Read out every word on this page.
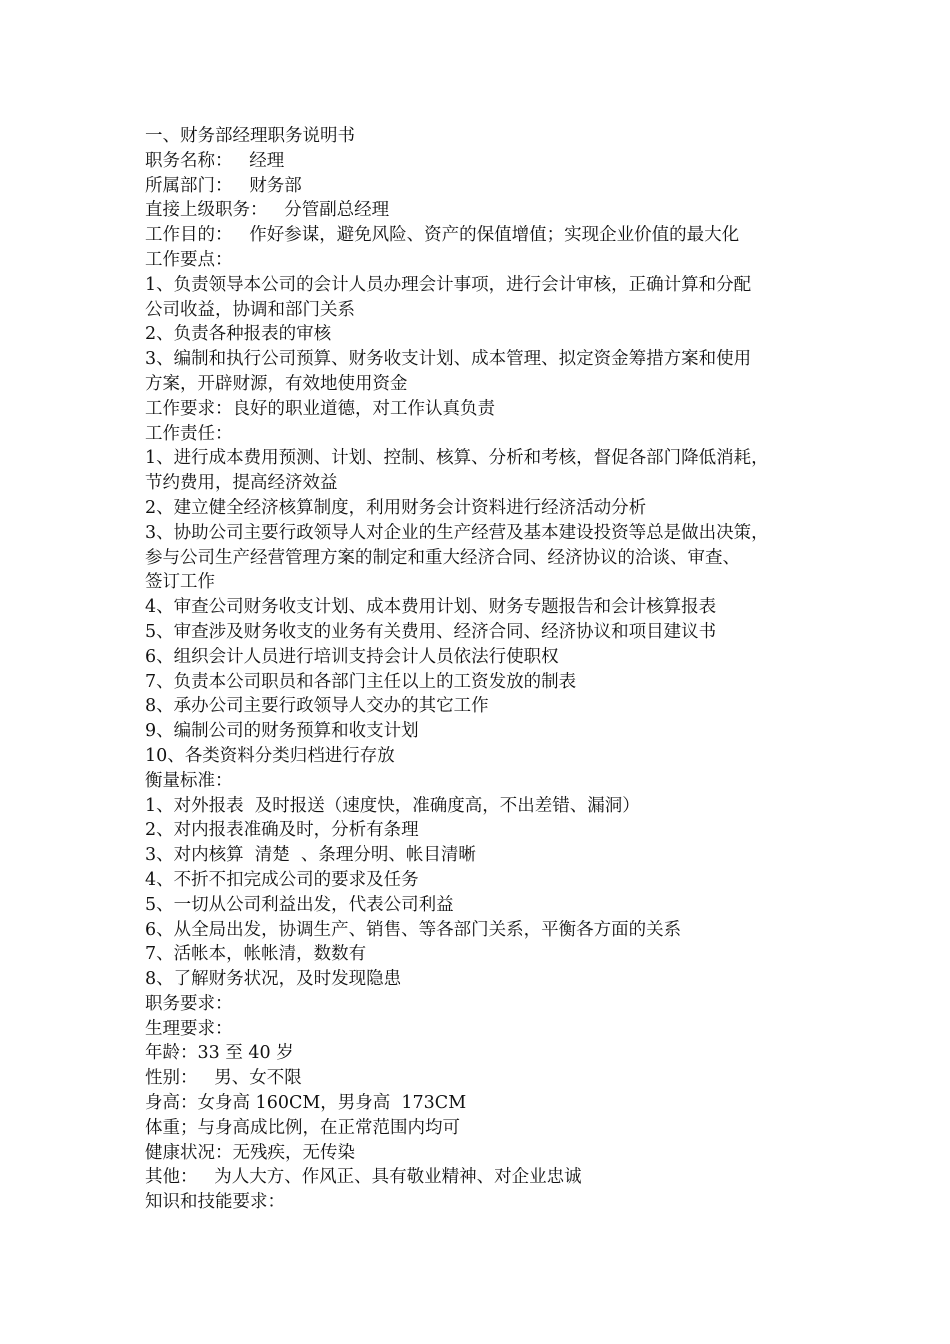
一、财务部经理职务说明书
职务名称：   经理
所属部门：   财务部
直接上级职务：   分管副总经理
工作目的：   作好参谋，避免风险、资产的保值增值；实现企业价值的最大化
工作要点：
1、负责领导本公司的会计人员办理会计事项，进行会计审核，正确计算和分配
公司收益，协调和部门关系
2、负责各种报表的审核
3、编制和执行公司预算、财务收支计划、成本管理、拟定资金筹措方案和使用
方案，开辟财源，有效地使用资金
工作要求：良好的职业道德，对工作认真负责
工作责任：
1、进行成本费用预测、计划、控制、核算、分析和考核，督促各部门降低消耗，
节约费用，提高经济效益
2、建立健全经济核算制度，利用财务会计资料进行经济活动分析
3、协助公司主要行政领导人对企业的生产经营及基本建设投资等总是做出决策，
参与公司生产经营管理方案的制定和重大经济合同、经济协议的洽谈、审查、
签订工作
4、审查公司财务收支计划、成本费用计划、财务专题报告和会计核算报表
5、审查涉及财务收支的业务有关费用、经济合同、经济协议和项目建议书
6、组织会计人员进行培训支持会计人员依法行使职权
7、负责本公司职员和各部门主任以上的工资发放的制表
8、承办公司主要行政领导人交办的其它工作
9、编制公司的财务预算和收支计划
10、各类资料分类归档进行存放
衡量标准：
1、对外报表  及时报送（速度快，准确度高，不出差错、漏洞）
2、对内报表准确及时，分析有条理
3、对内核算  清楚  、条理分明、帐目清晰
4、不折不扣完成公司的要求及任务
5、一切从公司利益出发，代表公司利益
6、从全局出发，协调生产、销售、等各部门关系，平衡各方面的关系
7、活帐本，帐帐清，数数有
8、了解财务状况，及时发现隐患
职务要求：
生理要求：
年龄：33 至 40 岁
性别：   男、女不限
身高：女身高 160CM，男身高  173CM
体重；与身高成比例，在正常范围内均可
健康状况：无残疾，无传染
其他：   为人大方、作风正、具有敬业精神、对企业忠诚
知识和技能要求：
